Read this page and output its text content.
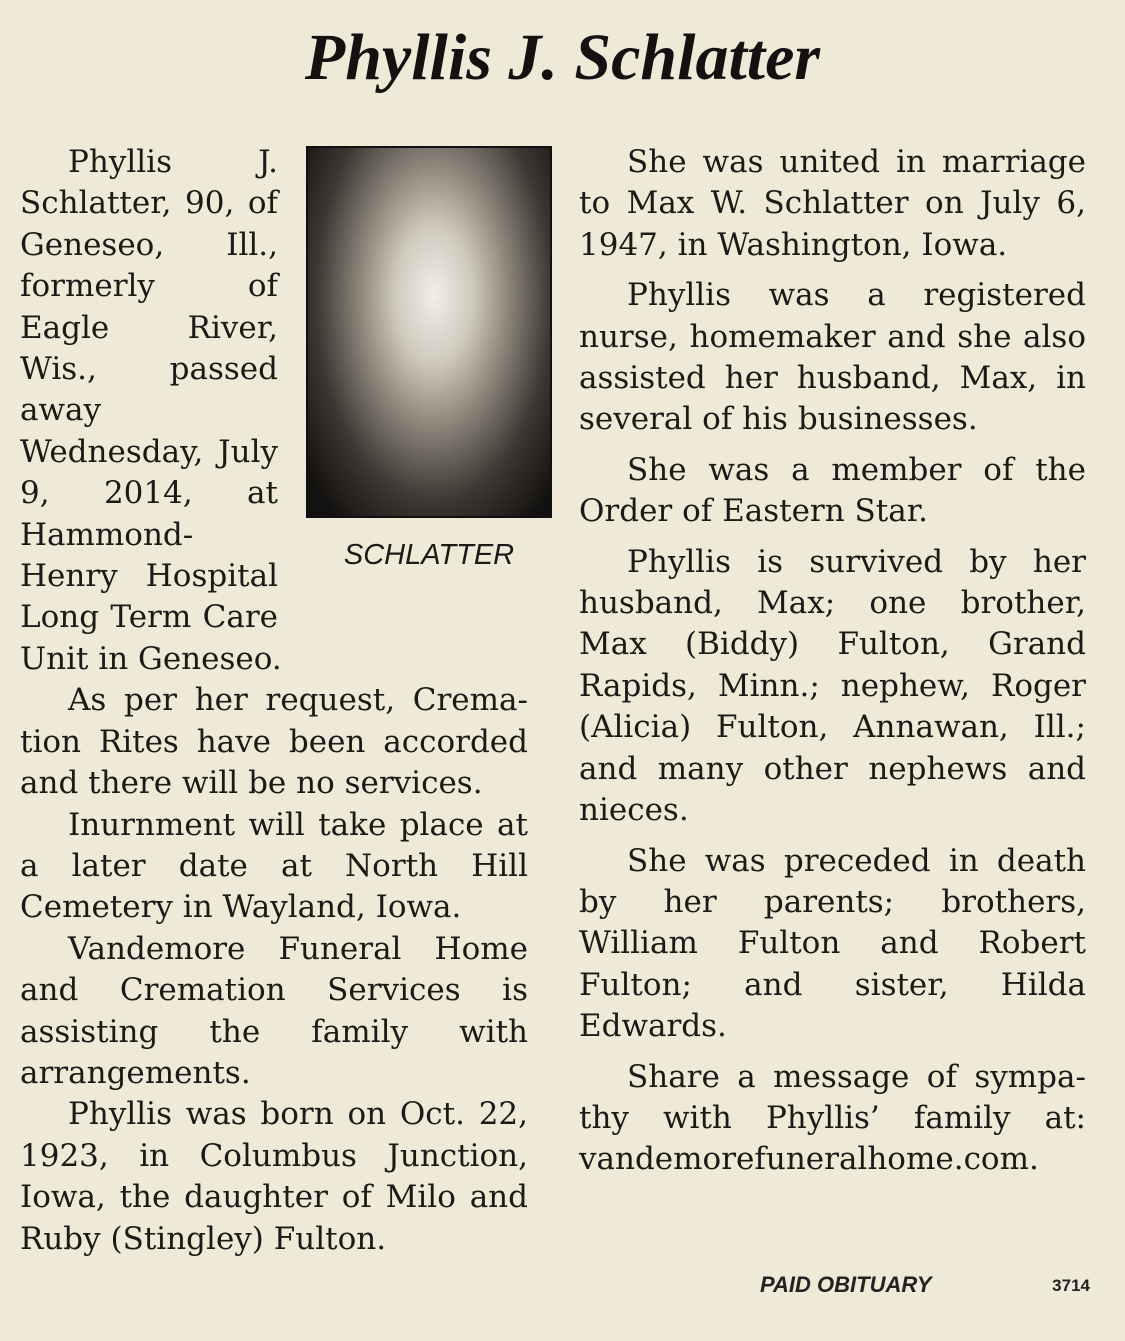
Phyllis J. Schlatter
SCHLATTER

Phyllis J. Schlatter, 90, of Geneseo, Ill., formerly of Eagle River, Wis., passed away Wednesday, July 9, 2014, at Hammond-Henry Hospital Long Term Care Unit in Geneseo.

As per her request, Cremation Rites have been accorded and there will be no services.

Inurnment will take place at a later date at North Hill Cemetery in Wayland, Iowa.

Vandemore Funeral Home and Cremation Services is assisting the family with arrangements.

Phyllis was born on Oct. 22, 1923, in Columbus Junction, Iowa, the daughter of Milo and Ruby (Stingley) Fulton.

She was united in marriage to Max W. Schlatter on July 6, 1947, in Washington, Iowa.

Phyllis was a registered nurse, homemaker and she also assisted her husband, Max, in several of his businesses.

She was a member of the Order of Eastern Star.

Phyllis is survived by her husband, Max; one brother, Max (Biddy) Fulton, Grand Rapids, Minn.; nephew, Roger (Alicia) Fulton, Annawan, Ill.; and many other nephews and nieces.

She was preceded in death by her parents; brothers, William Fulton and Robert Fulton; and sister, Hilda Edwards.

Share a message of sympathy with Phyllis’ family at: vandemorefuneralhome.com.

PAID OBITUARY	3714
